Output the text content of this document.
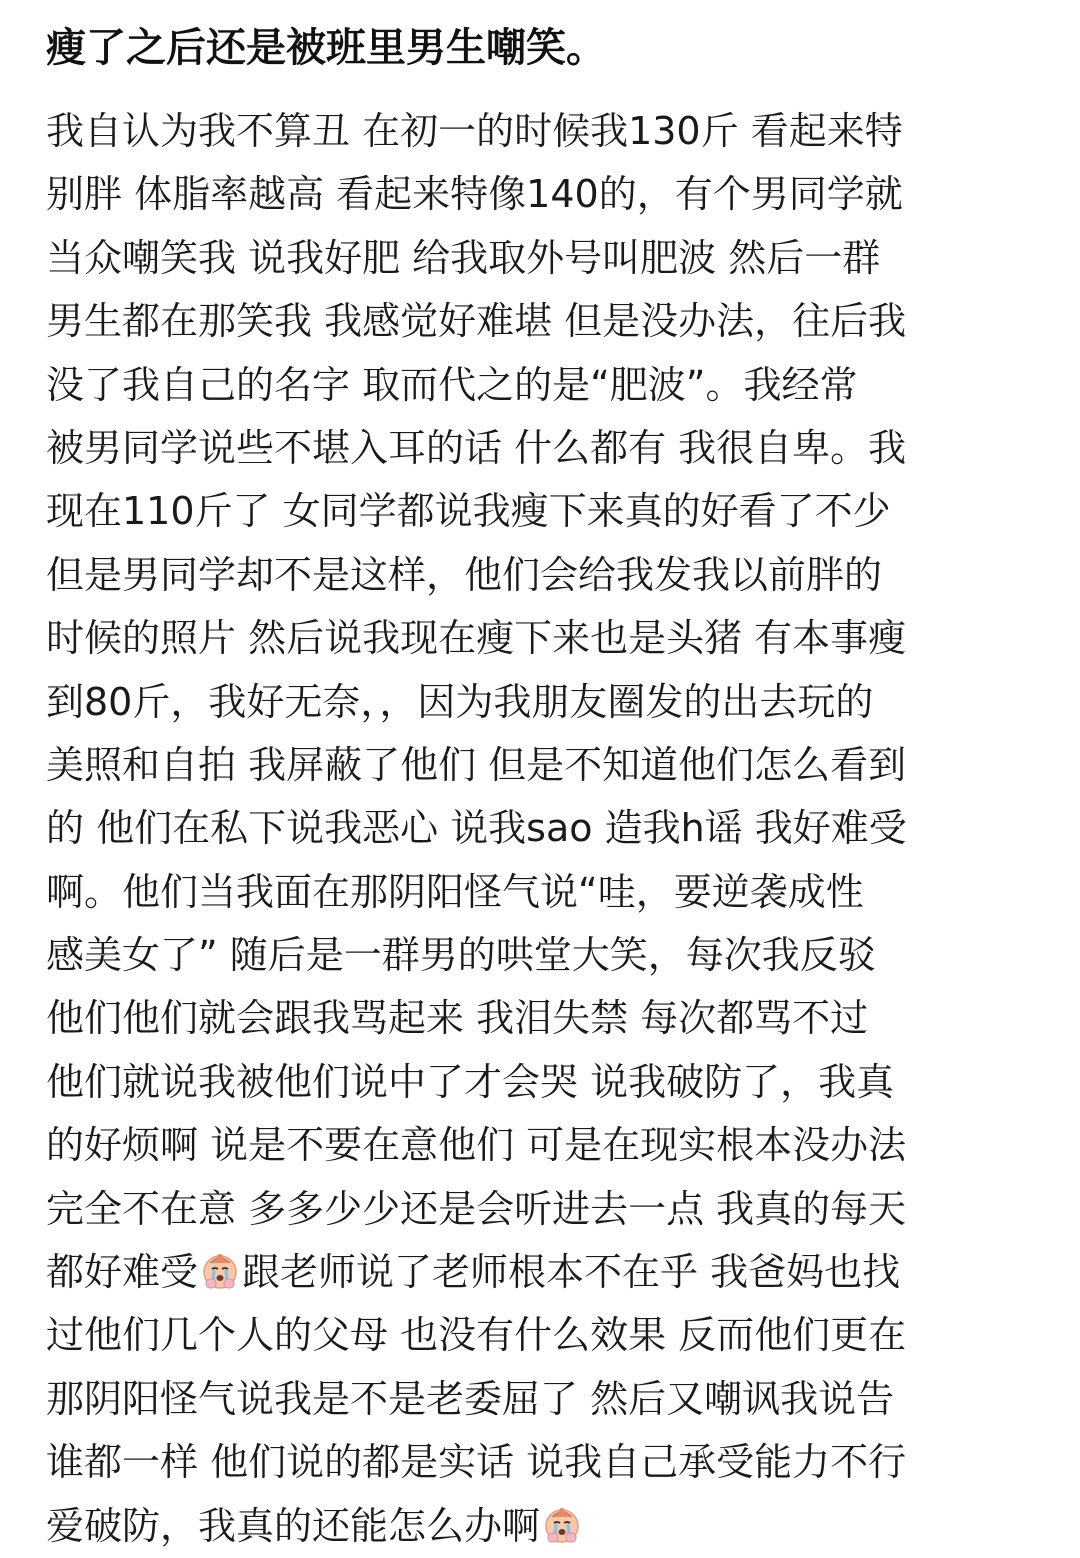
瘦了之后还是被班里男生嘲笑。
我自认为我不算丑 在初一的时候我130斤 看起来特
别胖 体脂率越高 看起来特像140的，有个男同学就
当众嘲笑我 说我好肥 给我取外号叫肥波 然后一群
男生都在那笑我 我感觉好难堪 但是没办法，往后我
没了我自己的名字 取而代之的是“肥波”。我经常
被男同学说些不堪入耳的话 什么都有 我很自卑。我
现在110斤了 女同学都说我瘦下来真的好看了不少
但是男同学却不是这样，他们会给我发我以前胖的
时候的照片 然后说我现在瘦下来也是头猪 有本事瘦
到80斤，我好无奈，，因为我朋友圈发的出去玩的
美照和自拍 我屏蔽了他们 但是不知道他们怎么看到
的 他们在私下说我恶心 说我sao 造我h谣 我好难受
啊。他们当我面在那阴阳怪气说“哇，要逆袭成性
感美女了” 随后是一群男的哄堂大笑，每次我反驳
他们他们就会跟我骂起来 我泪失禁 每次都骂不过
他们就说我被他们说中了才会哭 说我破防了，我真
的好烦啊 说是不要在意他们 可是在现实根本没办法
完全不在意 多多少少还是会听进去一点 我真的每天
都好难受 跟老师说了老师根本不在乎 我爸妈也找
过他们几个人的父母 也没有什么效果 反而他们更在
那阴阳怪气说我是不是老委屈了 然后又嘲讽我说告
谁都一样 他们说的都是实话 说我自己承受能力不行
爱破防，我真的还能怎么办啊
